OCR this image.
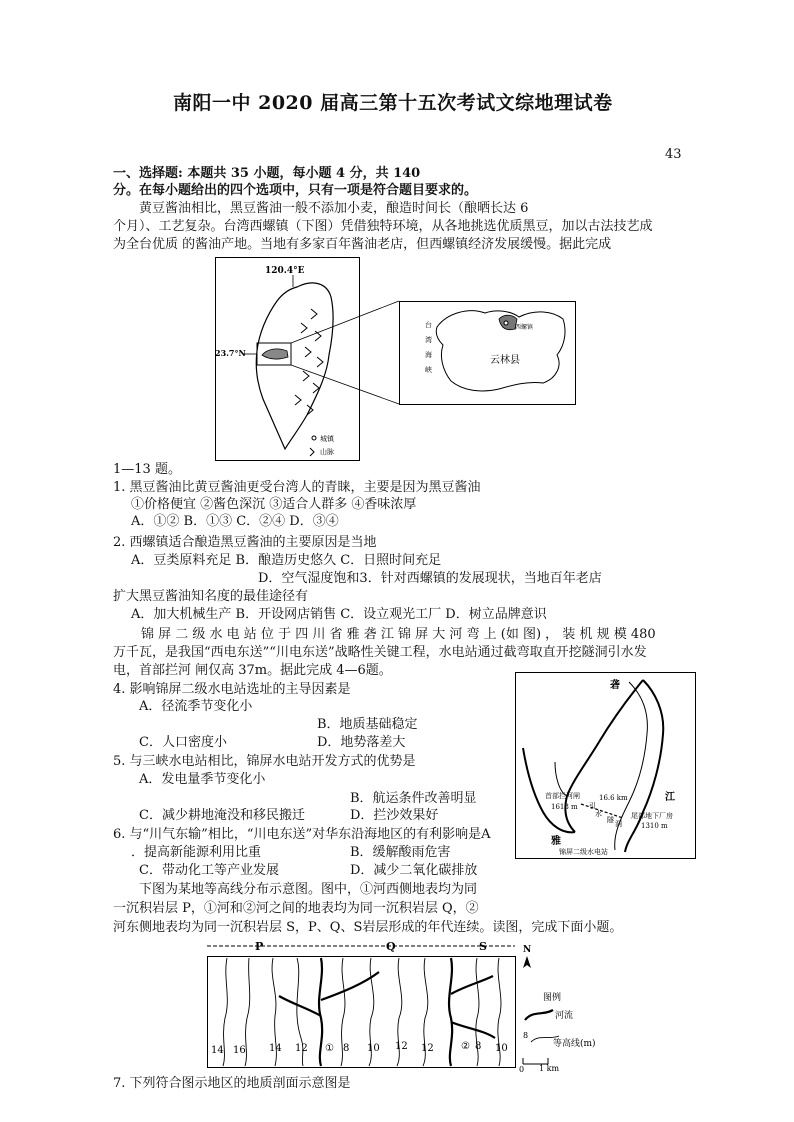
南阳一中 2020 届高三第十五次考试文综地理试卷
43
一、选择题: 本题共 35 小题，每小题 4 分，共 140
分。在每小题给出的四个选项中，只有一项是符合题目要求的。
黄豆酱油相比，黑豆酱油一般不添加小麦，酿造时间长（酿晒长达 6
个月）、工艺复杂。台湾西螺镇（下图）凭借独特环境，从各地挑选优质黑豆，加以古法技艺成
为全台优质 的酱油产地。当地有多家百年酱油老店，但西螺镇经济发展缓慢。据此完成
120.4°E
23.7°N
城镇
山脉
西螺镇
云林县
台
湾
海
峡
1—13 题。
1. 黑豆酱油比黄豆酱油更受台湾人的青睐，主要是因为黑豆酱油
①价格便宜 ②酱色深沉 ③适合人群多 ④香味浓厚
A．①② B．①③ C．②④ D．③④
2. 西螺镇适合酿造黑豆酱油的主要原因是当地
A．豆类原料充足 B．酿造历史悠久 C．日照时间充足
D．空气湿度饱和3．针对西螺镇的发展现状，当地百年老店
扩大黑豆酱油知名度的最佳途径有
A．加大机械生产 B．开设网店销售 C．设立观光工厂 D．树立品牌意识
锦 屏 二 级 水 电 站 位 于 四 川 省 雅 砻 江 锦 屏 大 河 弯 上 (如 图) ， 装 机 规 模 480
万千瓦，是我国“西电东送”“川电东送”战略性关键工程，水电站通过截弯取直开挖隧洞引水发
电，首部拦河 闸仅高 37m。据此完成 4—6题。
4. 影响锦屏二级水电站选址的主导因素是
A．径流季节变化小
B．地质基础稳定
C．人口密度小	D．地势落差大
5. 与三峡水电站相比，锦屏水电站开发方式的优势是
A．发电量季节变化小
B．航运条件改善明显
C．减少耕地淹没和移民搬迁	D．拦沙效果好
6. 与“川气东输”相比，“川电东送”对华东沿海地区的有利影响是A
．提高新能源利用比重	B．缓解酸雨危害
C．带动化工等产业发展	D．减少二氧化碳排放
砻
首部拦河闸
1618 m
16.6 km
引
水
隧 洞
尾部地下厂房
1310 m
江
雅
锦屏二级水电站
下图为某地等高线分布示意图。图中，①河西侧地表均为同
一沉积岩层 P，①河和②河之间的地表均为同一沉积岩层 Q，②
河东侧地表均为同一沉积岩层 S，P、Q、S岩层形成的年代连续。读图，完成下面小题。
P	Q	S
14 16 14 12 ① 8 10 12 12	② 8 10
N
图例
河流
8
等高线(m)
0 1 km
7. 下列符合图示地区的地质剖面示意图是
